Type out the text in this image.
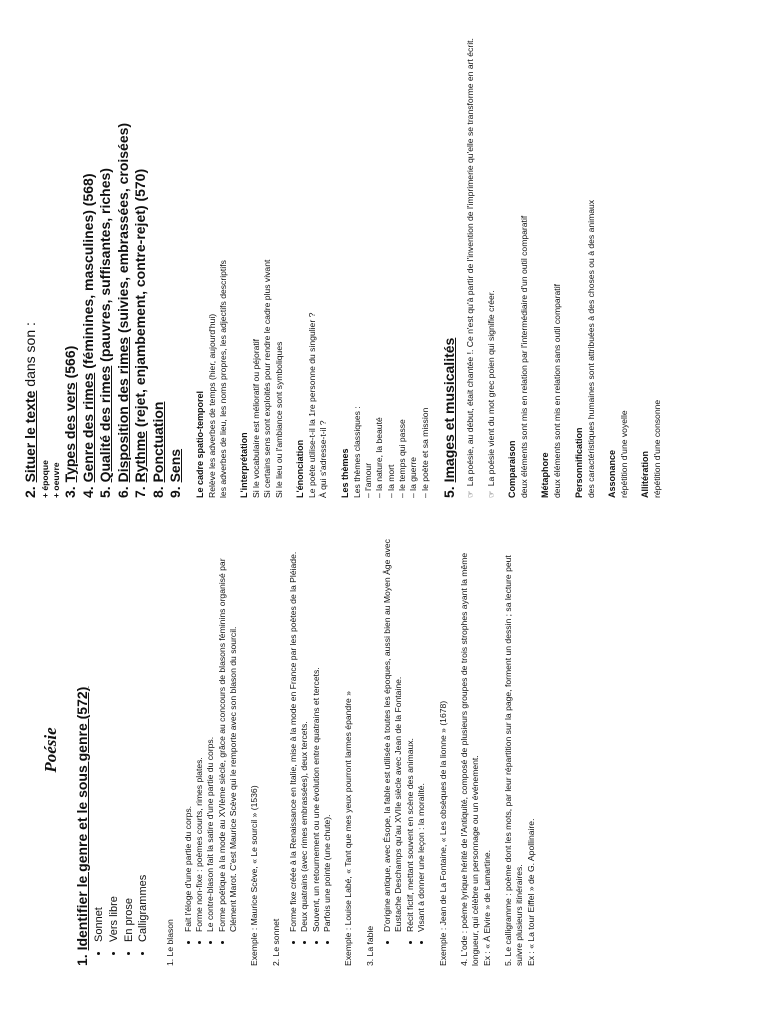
Poésie

1. Identifier le genre et le sous genre (572) • Sonnet • Vers libre • En prose • Calligrammes

1. Le blason

• Fait l'éloge d'une partie du corps. • Forme non-fixe : poèmes courts, rimes plates. • Le contre-blason fait la satire d'une partie du corps. • Forme poétique à la mode au XVIème siècle, grâce au concours de blasons féminins organisé par Clément Marot. C'est Maurice Scève qui le remporte avec son blason du sourcil. Exemple : Maurice Scève, « Le sourcil » (1536) 2. Le sonnet

• Forme fixe créée à la Renaissance en Italie, mise à la mode en France par les poètes de la Pléiade. • Deux quatrains (avec rimes embrassées), deux tercets. • Souvent, un retournement ou une évolution entre quatrains et tercets. • Parfois une pointe (une chute). Exemple : Louise Labé, « Tant que mes yeux pourront larmes épandre » 3. La fable

• D'origine antique, avec Ésope, la fable est utilisée à toutes les époques, aussi bien au Moyen Âge avec Eustache Deschamps qu'au XVIIe siècle avec Jean de la Fontaine. • Récit fictif, mettant souvent en scène des animaux. • Visant à donner une leçon : la moralité. Exemple : Jean de La Fontaine, « Les obsèques de la lionne » (1678) 4. L'ode : poème lyrique hérité de l'Antiquité, composé de plusieurs groupes de trois strophes ayant la même longueur, qui célèbre un personnage ou un événement. Ex : « À Elvire » de Lamartine. 5. Le calligramme : poème dont les mots, par leur répartition sur la page, forment un dessin ; sa lecture peut suivre plusieurs itinéraires. Ex : « La tour Eiffel » de G. Apollinaire.

2. Situer le texte dans son :

+ époque + oeuvre 3. Types des vers (566)

4. Genre des rimes (féminines, masculines) (568)

5. Qualité des rimes (pauvres, suffisantes, riches)

6. Disposition des rimes (suivies, embrassées, croisées)

7. Rythme (rejet, enjambement, contre-rejet) (570)

8. Ponctuation

9. Sens Le cadre spatio-temporel Relève les adverbes de temps (hier, aujourd'hui) les adverbes de lieu, les noms propres, les adjectifs descriptifs L'interprétation Si le vocabulaire est mélioratif ou péjoratif Si certains sens sont exploités pour rendre le cadre plus vivant Si le lieu ou l'ambiance sont symboliques L'énonciation Le poète utilise-t-il la 1re personne du singulier ? À qui s'adresse-t-il ? Les thèmes Les thèmes classiques : – l'amour – la nature, la beauté – la mort – le temps qui passe – la guerre – le poète et sa mission 5. Images et musicalités

☞La poésie, au début, était chantée !. Ce n'est qu'à partir de l'invention de l'imprimerie qu'elle se transforme en art écrit.

☞La poésie vient du mot grec poien qui signifie créer. Comparaison deux éléments sont mis en relation par l'intermédiaire d'un outil comparatif Métaphore deux éléments sont mis en relation sans outil comparatif Personnification des caractéristiques humaines sont attribuées à des choses ou à des animaux Assonance répétition d'une voyelle Allitération répétition d'une consonne
